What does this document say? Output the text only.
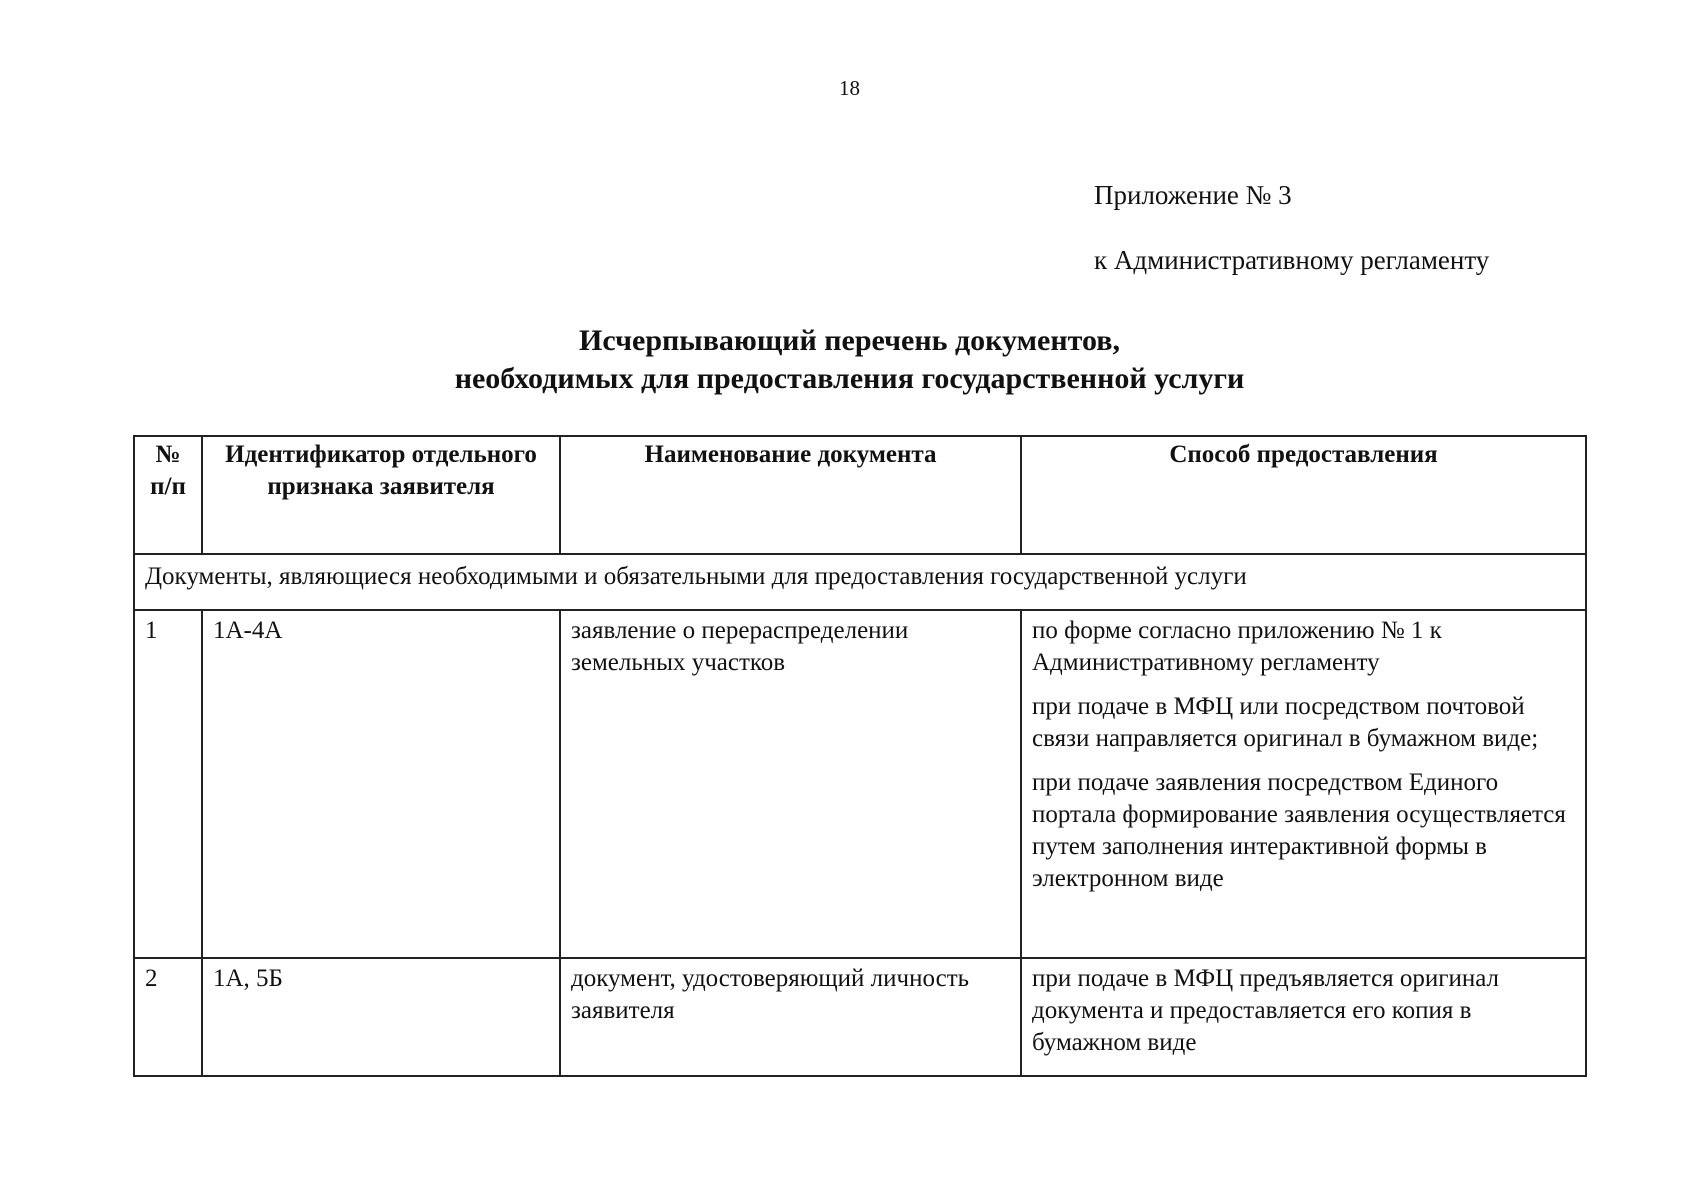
18
Приложение № 3
к Административному регламенту
Исчерпывающий перечень документов,
необходимых для предоставления государственной услуги
№ п/п	Идентификатор отдельного признака заявителя	Наименование документа	Способ предоставления
Документы, являющиеся необходимыми и обязательными для предоставления государственной услуги			
1	1А-4А	заявление о перераспределении земельных участков	по форме согласно приложению № 1 к Административному регламенту

при подаче в МФЦ или посредством почтовой связи направляется оригинал в бумажном виде;

при подаче заявления посредством Единого портала формирование заявления осуществляется путем заполнения интерактивной формы в электронном виде

2	1А, 5Б	документ, удостоверяющий личность заявителя	при подаче в МФЦ предъявляется оригинал документа и предоставляется его копия в бумажном виде
